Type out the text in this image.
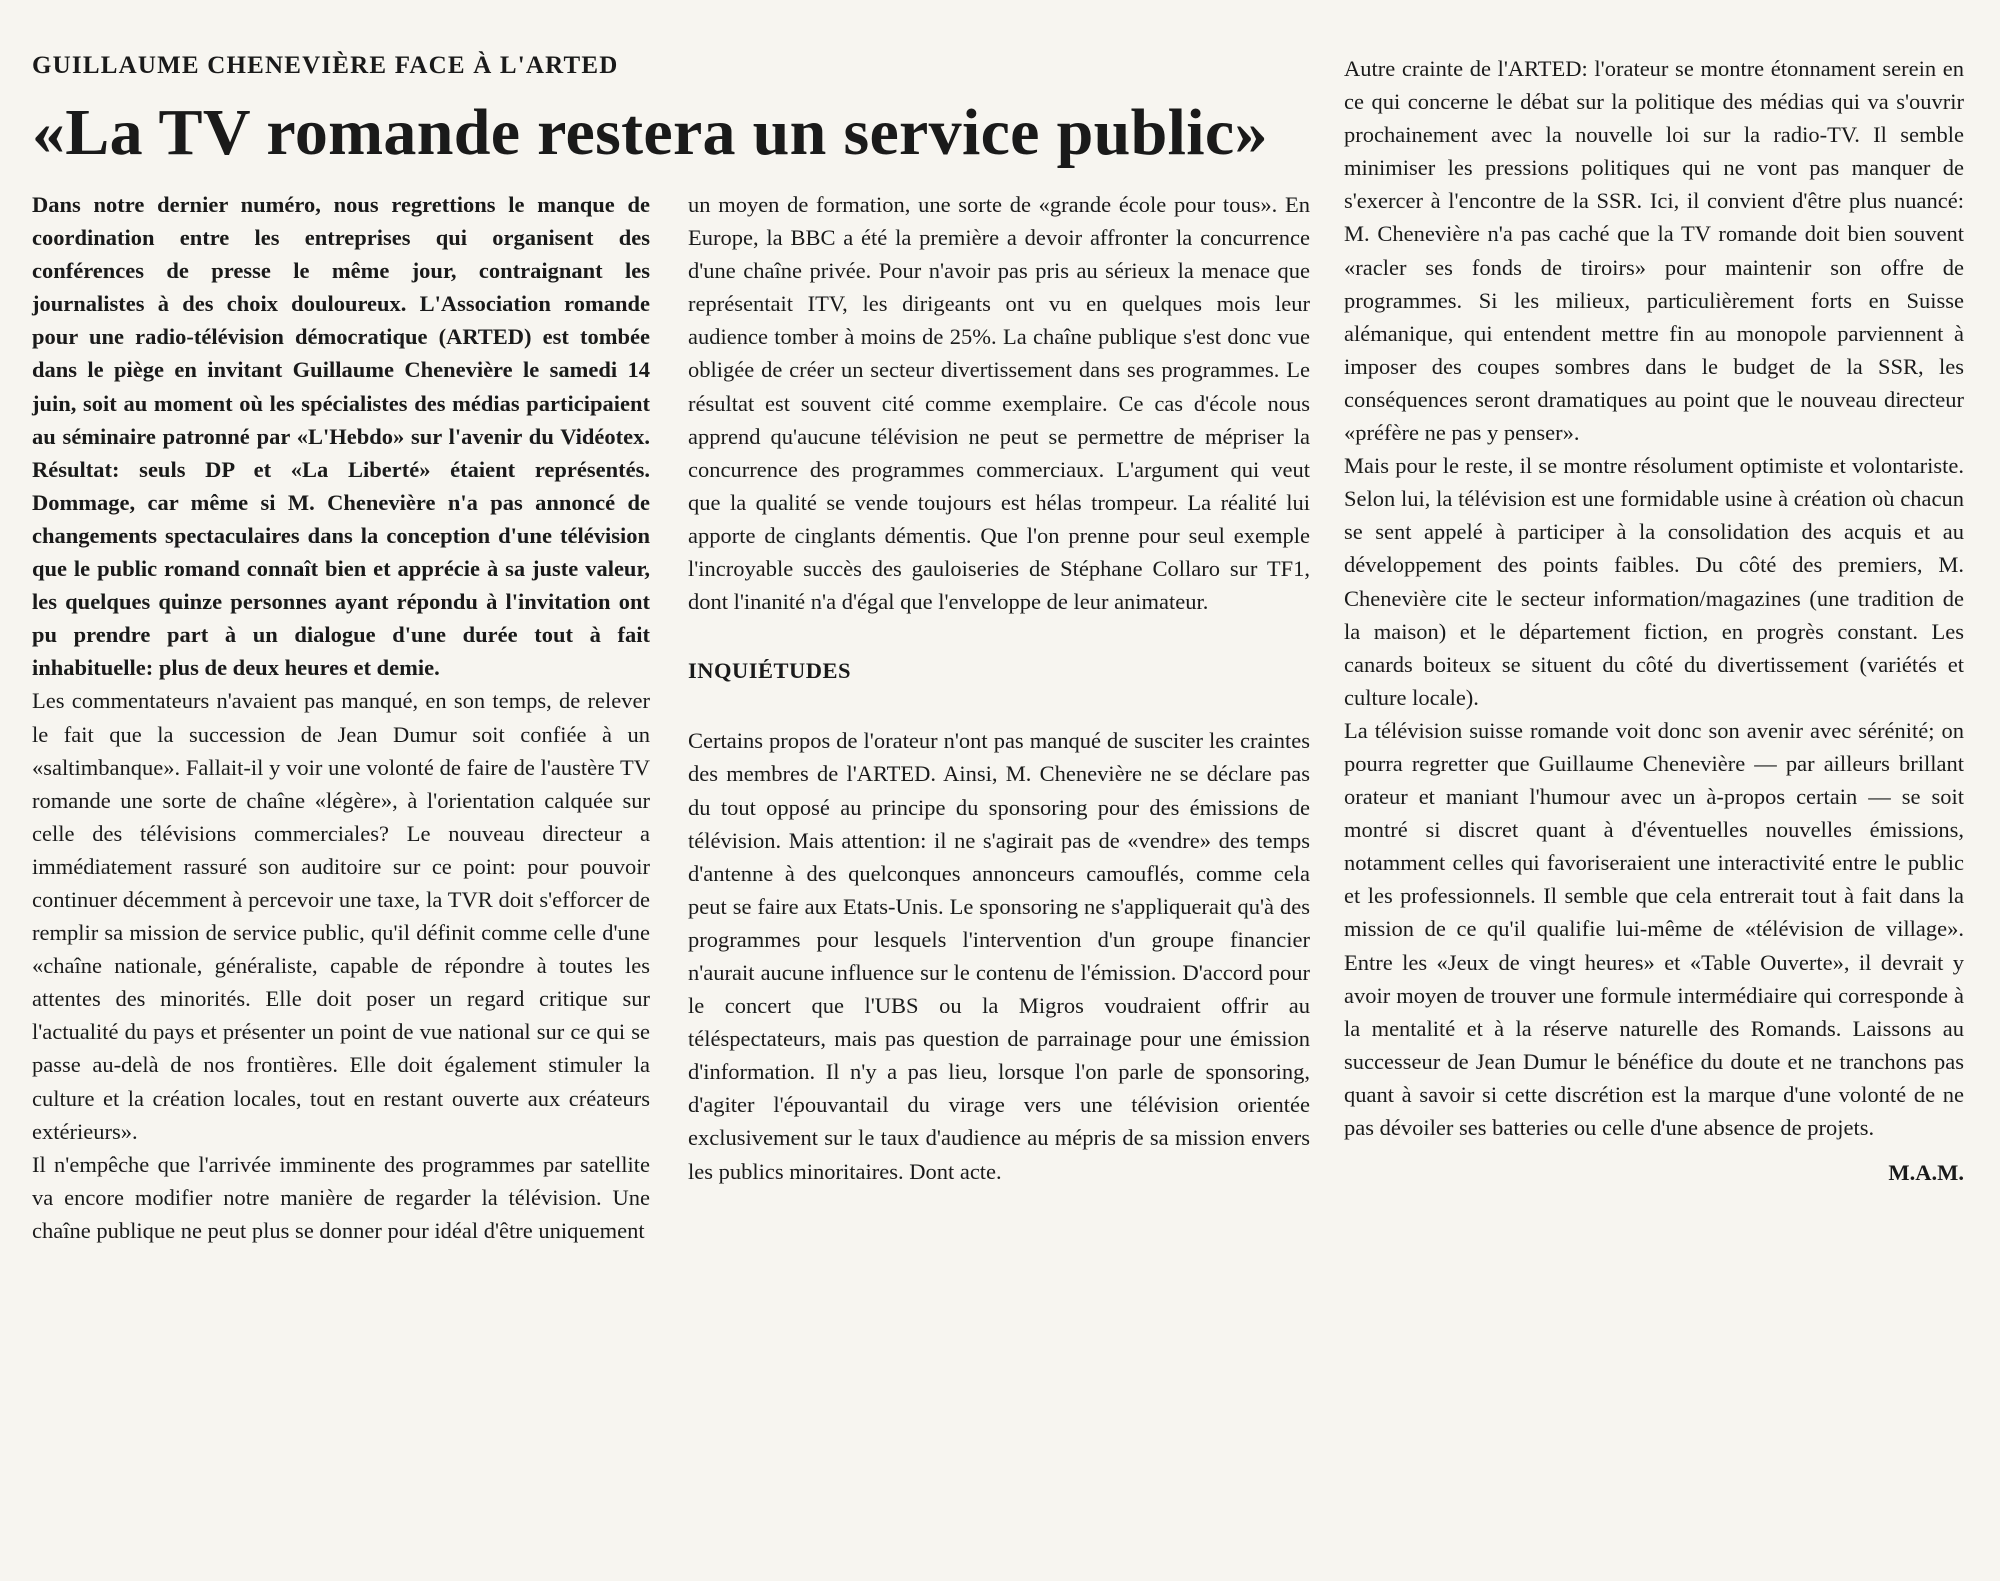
GUILLAUME CHENEVIÈRE FACE À L'ARTED
«La TV romande restera un service public»

Dans notre dernier numéro, nous regrettions le manque de coordination entre les entreprises qui organisent des conférences de presse le même jour, contraignant les journalistes à des choix douloureux. L'Association romande pour une radio-télévision démocratique (ARTED) est tombée dans le piège en invitant Guillaume Chenevière le samedi 14 juin, soit au moment où les spécialistes des médias participaient au séminaire patronné par «L'Hebdo» sur l'avenir du Vidéotex. Résultat: seuls DP et «La Liberté» étaient représentés. Dommage, car même si M. Chenevière n'a pas annoncé de changements spectaculaires dans la conception d'une télévision que le public romand connaît bien et apprécie à sa juste valeur, les quelques quinze personnes ayant répondu à l'invitation ont pu prendre part à un dialogue d'une durée tout à fait inhabituelle: plus de deux heures et demie.

Les commentateurs n'avaient pas manqué, en son temps, de relever le fait que la succession de Jean Dumur soit confiée à un «saltimbanque». Fallait-il y voir une volonté de faire de l'austère TV romande une sorte de chaîne «légère», à l'orientation calquée sur celle des télévisions commerciales? Le nouveau directeur a immédiatement rassuré son auditoire sur ce point: pour pouvoir continuer décemment à percevoir une taxe, la TVR doit s'efforcer de remplir sa mission de service public, qu'il définit comme celle d'une «chaîne nationale, généraliste, capable de répondre à toutes les attentes des minorités. Elle doit poser un regard critique sur l'actualité du pays et présenter un point de vue national sur ce qui se passe au-delà de nos frontières. Elle doit également stimuler la culture et la création locales, tout en restant ouverte aux créateurs extérieurs».

Il n'empêche que l'arrivée imminente des programmes par satellite va encore modifier notre manière de regarder la télévision. Une chaîne publique ne peut plus se donner pour idéal d'être uniquement

un moyen de formation, une sorte de «grande école pour tous». En Europe, la BBC a été la première a devoir affronter la concurrence d'une chaîne privée. Pour n'avoir pas pris au sérieux la menace que représentait ITV, les dirigeants ont vu en quelques mois leur audience tomber à moins de 25%. La chaîne publique s'est donc vue obligée de créer un secteur divertissement dans ses programmes. Le résultat est souvent cité comme exemplaire. Ce cas d'école nous apprend qu'aucune télévision ne peut se permettre de mépriser la concurrence des programmes commerciaux. L'argument qui veut que la qualité se vende toujours est hélas trompeur. La réalité lui apporte de cinglants démentis. Que l'on prenne pour seul exemple l'incroyable succès des gauloiseries de Stéphane Collaro sur TF1, dont l'inanité n'a d'égal que l'enveloppe de leur animateur.

INQUIÉTUDES

Certains propos de l'orateur n'ont pas manqué de susciter les craintes des membres de l'ARTED. Ainsi, M. Chenevière ne se déclare pas du tout opposé au principe du sponsoring pour des émissions de télévision. Mais attention: il ne s'agirait pas de «vendre» des temps d'antenne à des quelconques annonceurs camouflés, comme cela peut se faire aux Etats-Unis. Le sponsoring ne s'appliquerait qu'à des programmes pour lesquels l'intervention d'un groupe financier n'aurait aucune influence sur le contenu de l'émission. D'accord pour le concert que l'UBS ou la Migros voudraient offrir au téléspectateurs, mais pas question de parrainage pour une émission d'information. Il n'y a pas lieu, lorsque l'on parle de sponsoring, d'agiter l'épouvantail du virage vers une télévision orientée exclusivement sur le taux d'audience au mépris de sa mission envers les publics minoritaires. Dont acte.

Autre crainte de l'ARTED: l'orateur se montre étonnament serein en ce qui concerne le débat sur la politique des médias qui va s'ouvrir prochainement avec la nouvelle loi sur la radio-TV. Il semble minimiser les pressions politiques qui ne vont pas manquer de s'exercer à l'encontre de la SSR. Ici, il convient d'être plus nuancé: M. Chenevière n'a pas caché que la TV romande doit bien souvent «racler ses fonds de tiroirs» pour maintenir son offre de programmes. Si les milieux, particulièrement forts en Suisse alémanique, qui entendent mettre fin au monopole parviennent à imposer des coupes sombres dans le budget de la SSR, les conséquences seront dramatiques au point que le nouveau directeur «préfère ne pas y penser».

Mais pour le reste, il se montre résolument optimiste et volontariste. Selon lui, la télévision est une formidable usine à création où chacun se sent appelé à participer à la consolidation des acquis et au développement des points faibles. Du côté des premiers, M. Chenevière cite le secteur information/magazines (une tradition de la maison) et le département fiction, en progrès constant. Les canards boiteux se situent du côté du divertissement (variétés et culture locale).

La télévision suisse romande voit donc son avenir avec sérénité; on pourra regretter que Guillaume Chenevière — par ailleurs brillant orateur et maniant l'humour avec un à-propos certain — se soit montré si discret quant à d'éventuelles nouvelles émissions, notamment celles qui favoriseraient une interactivité entre le public et les professionnels. Il semble que cela entrerait tout à fait dans la mission de ce qu'il qualifie lui-même de «télévision de village». Entre les «Jeux de vingt heures» et «Table Ouverte», il devrait y avoir moyen de trouver une formule intermédiaire qui corresponde à la mentalité et à la réserve naturelle des Romands. Laissons au successeur de Jean Dumur le bénéfice du doute et ne tranchons pas quant à savoir si cette discrétion est la marque d'une volonté de ne pas dévoiler ses batteries ou celle d'une absence de projets.

M.A.M.
